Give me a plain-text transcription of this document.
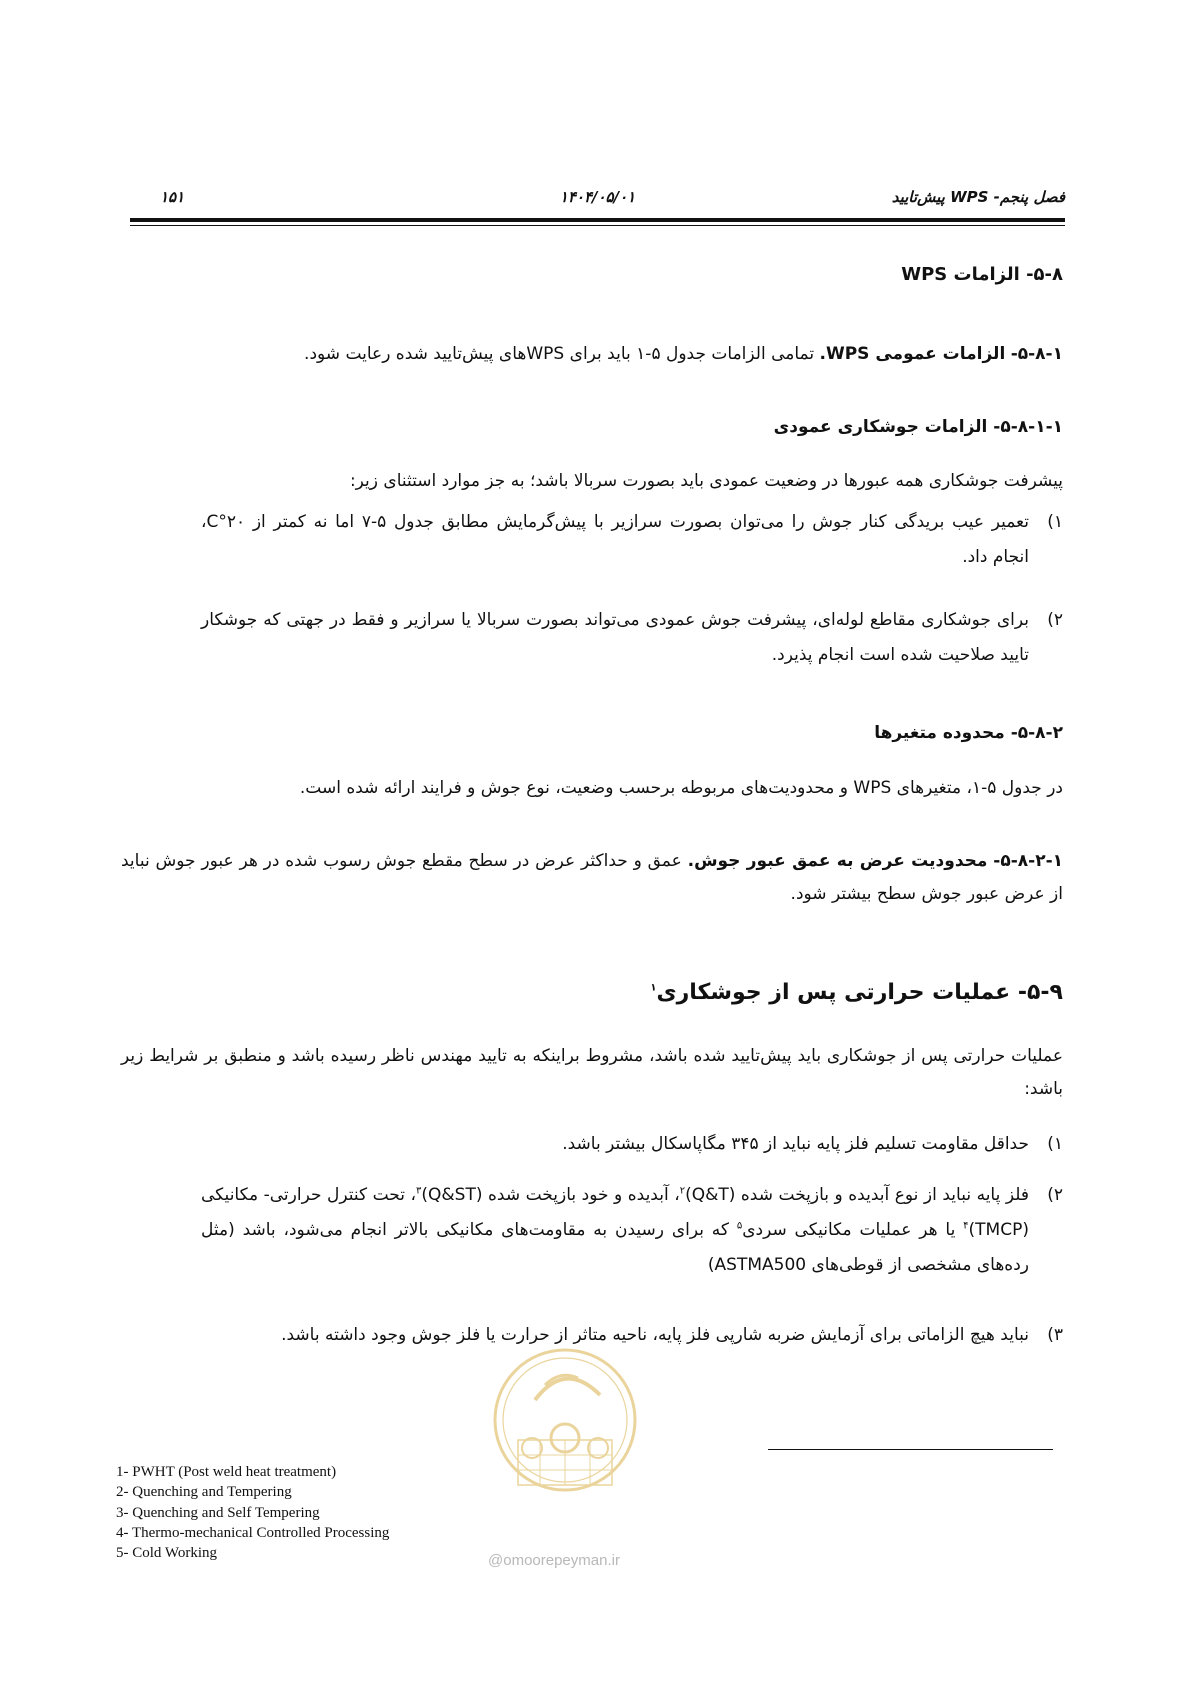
فصل پنجم- WPS پیش‌تایید
۱۴۰۴/۰۵/۰۱
۱۵۱
۵-۸- الزامات WPS
۵-۸-۱- الزامات عمومی WPS. تمامی الزامات جدول ۵-۱ باید برای WPSهای پیش‌تایید شده رعایت شود.
۵-۸-۱-۱- الزامات جوشکاری عمودی
پیشرفت جوشکاری همه عبورها در وضعیت عمودی باید بصورت سربالا باشد؛ به جز موارد استثنای زیر:
۱)
تعمیر عیب بریدگی کنار جوش را می‌توان بصورت سرازیر با پیش‌گرمایش مطابق جدول ۵-۷ اما نه کمتر از ۲۰°C، انجام داد.
۲)
برای جوشکاری مقاطع لوله‌ای، پیشرفت جوش عمودی می‌تواند بصورت سربالا یا سرازیر و فقط در جهتی که جوشکار تایید صلاحیت شده است انجام پذیرد.
۵-۸-۲- محدوده متغیرها
در جدول ۵-۱، متغیرهای WPS و محدودیت‌های مربوطه برحسب وضعیت، نوع جوش و فرایند ارائه شده است.
۵-۸-۲-۱- محدودیت عرض به عمق عبور جوش. عمق و حداکثر عرض در سطح مقطع جوش رسوب شده در هر عبور جوش نباید از عرض عبور جوش سطح بیشتر شود.
۵-۹- عملیات حرارتی پس از جوشکاری$^۱$
عملیات حرارتی پس از جوشکاری باید پیش‌تایید شده باشد، مشروط براینکه به تایید مهندس ناظر رسیده باشد و منطبق بر شرایط زیر باشد:
۱)
حداقل مقاومت تسلیم فلز پایه نباید از ۳۴۵ مگاپاسکال بیشتر باشد.
۲)
فلز پایه نباید از نوع آبدیده و بازپخت شده (Q&T)$^۲$، آبدیده و خود بازپخت شده (Q&ST)$^۳$، تحت کنترل حرارتی- مکانیکی (TMCP)$^۴$ یا هر عملیات مکانیکی سردی$^۵$ که برای رسیدن به مقاومت‌های مکانیکی بالاتر انجام می‌شود، باشد (مثل رده‌های مشخصی از قوطی‌های ASTMA500)
۳)
نباید هیچ الزاماتی برای آزمایش ضربه شارپی فلز پایه، ناحیه متاثر از حرارت یا فلز جوش وجود داشته باشد.
@omoorepeyman.ir
1- PWHT (Post weld heat treatment)
2- Quenching and Tempering
3- Quenching and Self Tempering
4- Thermo-mechanical Controlled Processing
5- Cold Working
